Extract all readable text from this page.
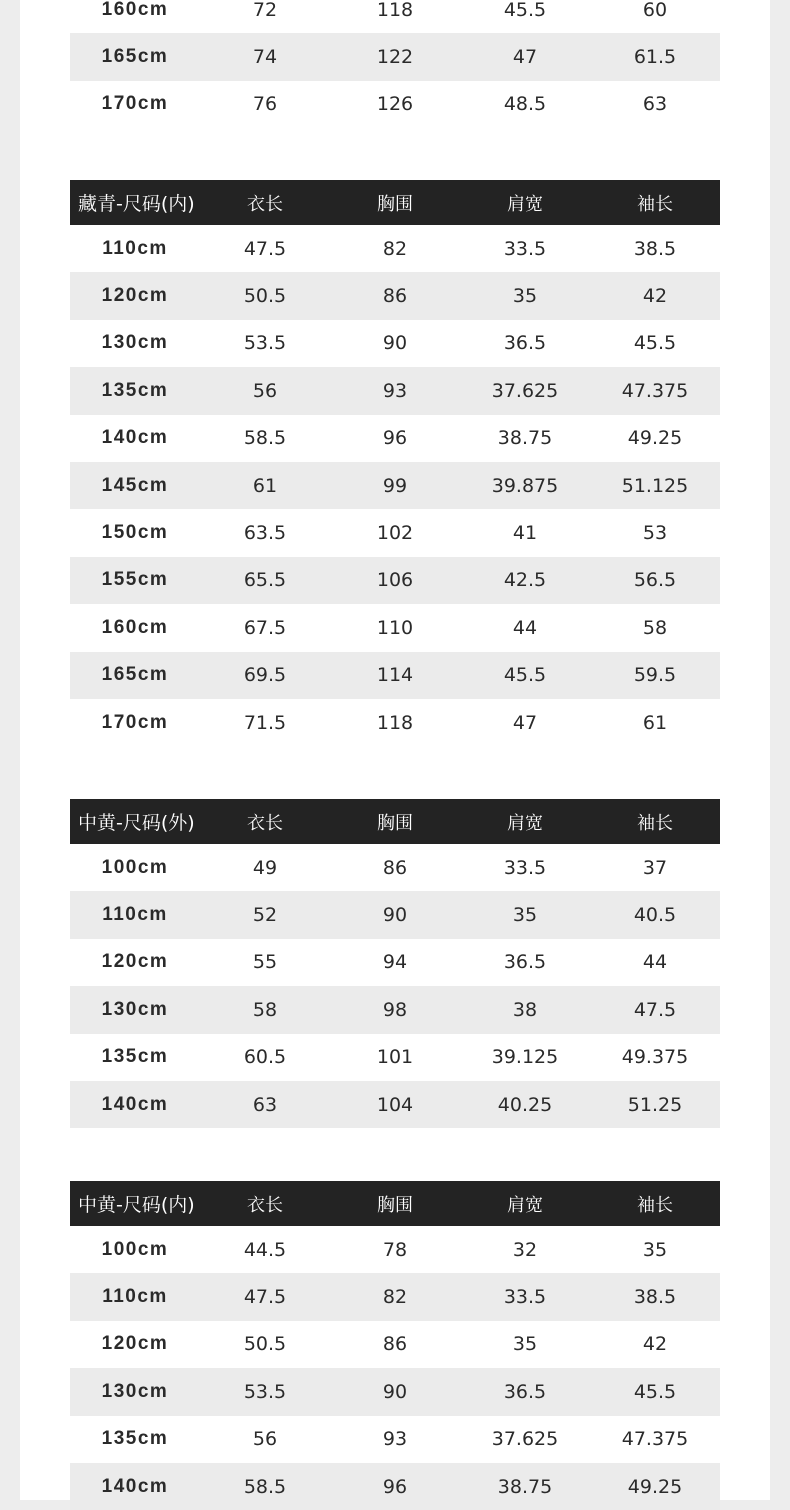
160cm	72	118	45.5	60
165cm	74	122	47	61.5
170cm	76	126	48.5	63
藏青-尺码(内)	衣长	胸围	肩宽	袖长
110cm	47.5	82	33.5	38.5
120cm	50.5	86	35	42
130cm	53.5	90	36.5	45.5
135cm	56	93	37.625	47.375
140cm	58.5	96	38.75	49.25
145cm	61	99	39.875	51.125
150cm	63.5	102	41	53
155cm	65.5	106	42.5	56.5
160cm	67.5	110	44	58
165cm	69.5	114	45.5	59.5
170cm	71.5	118	47	61
中黄-尺码(外)	衣长	胸围	肩宽	袖长
100cm	49	86	33.5	37
110cm	52	90	35	40.5
120cm	55	94	36.5	44
130cm	58	98	38	47.5
135cm	60.5	101	39.125	49.375
140cm	63	104	40.25	51.25
中黄-尺码(内)	衣长	胸围	肩宽	袖长
100cm	44.5	78	32	35
110cm	47.5	82	33.5	38.5
120cm	50.5	86	35	42
130cm	53.5	90	36.5	45.5
135cm	56	93	37.625	47.375
140cm	58.5	96	38.75	49.25
